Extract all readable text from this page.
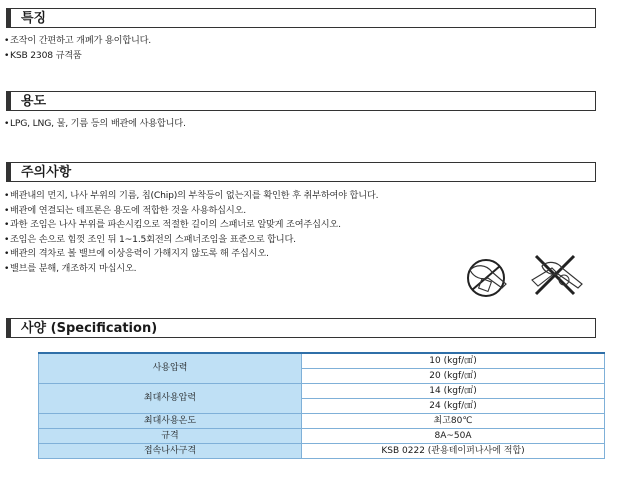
특징
•조작이 간편하고 개폐가 용이합니다.
•KSB 2308 규격품
용도
•LPG, LNG, 물, 기름 등의 배관에 사용합니다.
주의사항
•배관내의 먼지, 나사 부위의 기름, 칩(Chip)의 부착등이 없는지를 확인한 후 취부하여야 합니다.
•배관에 연결되는 테프론은 용도에 적합한 것을 사용하십시오.
•과한 조임은 나사 부위를 파손시킴으로 적절한 길이의 스패너로 알맞게 조여주십시오.
•조임은 손으로 힘껏 조인 뒤 1~1.5회전의 스패너조임을 표준으로 합니다.
•배관의 격차로 볼 밸브에 이상응력이 가해지지 않도록 해 주십시오.
•밸브를 분해, 개조하지 마십시오.
사양 (Specification)
사용압력	10 (kgf/㎠)
	20 (kgf/㎠)
최대사용압력	14 (kgf/㎠)
	24 (kgf/㎠)
최대사용온도	최고80℃
규격	8A~50A
접속나사구격	KSB 0222 (관용테이퍼나사에 적합)
